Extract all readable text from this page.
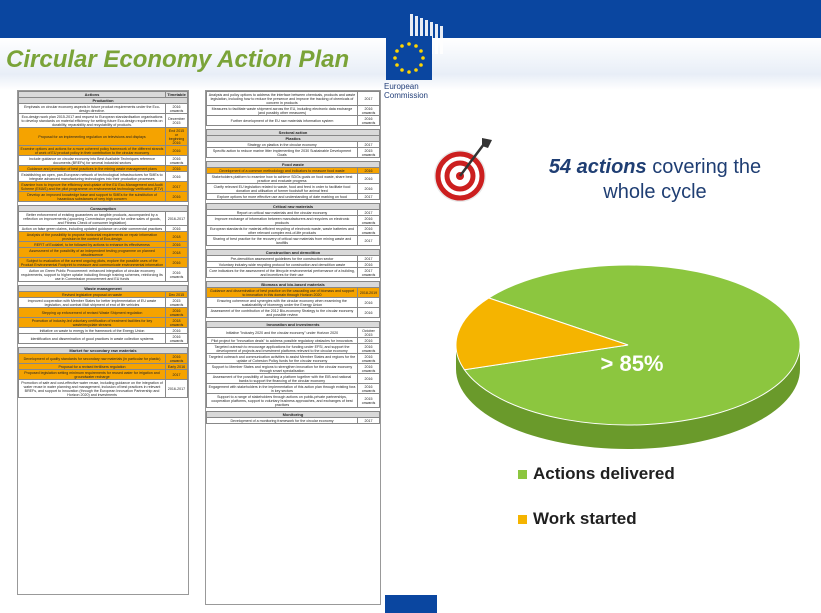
European
Commission
Circular Economy Action Plan
Actions	Timetable
Production	
Emphasis on circular economy aspects in future product requirements under the Eco-design directive.	2016 onwards
Eco-design work plan 2015-2017 and request to European standardisation organisations to develop standards on material efficiency for setting future Eco-design requirements on durability, reparability and recyclability of products.	December 2015
Proposal for an implementing regulation on televisions and displays	End 2015 or beginning 2016
Examine options and actions for a more coherent policy framework of the different strands of work of EU product policy in their contribution to the circular economy	2016
Include guidance on circular economy into Best Available Techniques reference documents (BREFs) for several industrial sectors	2016 onwards
Guidance and promotion of best practices in the mining waste management plans	2016
Establishing an open, pan-European network of technological infrastructures for SMEs to integrate advanced manufacturing technologies into their production processes	2016
Examine how to improve the efficiency and uptake of the EU Eco-Management and Audit Scheme (EMAS) and the pilot programme on environmental technology verification (ETV)	2017
Develop an improved knowledge base and support to SMEs for the substitution of hazardous substances of very high concern	2016

Consumption	
Better enforcement of existing guarantees on tangible products, accompanied by a reflection on improvements (upcoming Commission proposal for online sales of goods, and Fitness Check of consumer legislation)	2016-2017
Action on false green claims, including updated guidance on unfair commercial practices	2016
Analysis of the possibility to propose horizontal requirements on repair information provision in the context of Eco-design	2018
REFIT of Ecolabel, to be followed by actions to enhance its effectiveness	2016
Assessment of the possibility of an independent testing programme on planned obsolescence	2018
Subject to evaluation of the current ongoing pilots, explore the possible uses of the Product Environmental Footprint to measure and communicate environmental information	2016
Action on Green Public Procurement: enhanced integration of circular economy requirements, support to higher uptake including through training schemes, reinforcing its use in Commission procurement and EU funds	2016 onwards

Waste management	
Revised legislative proposal on waste	Dec 2015
Improved cooperation with Member States for better implementation of EU waste legislation, and combat illicit shipment of end of life vehicles	2015 onwards
Stepping up enforcement of revised Waste Shipment regulation	2016 onwards
Promotion of industry-led voluntary certification of treatment facilities for key waste/recyclate streams	2018 onwards
Initiative on waste to energy in the framework of the Energy Union	2016
Identification and dissemination of good practices in waste collection systems	2016 onwards

Market for secondary raw materials	
Development of quality standards for secondary raw materials (in particular for plastic)	2016 onwards
Proposal for a revised fertilisers regulation	Early 2016
Proposed legislation setting minimum requirements for reused water for irrigation and groundwater recharge	2017
Promotion of safe and cost-effective water reuse, including guidance on the integration of water reuse in water planning and management, inclusion of best practices in relevant BREFs, and support to innovation (through the European Innovation Partnership and Horizon 2020) and investments	2016-2017
Analysis and policy options to address the interface between chemicals, products and waste legislation, including how to reduce the presence and improve the tracking of chemicals of concern in products	2017
Measures to facilitate waste shipment across the EU, including electronic data exchange (and possibly other measures)	2016 onwards
Further development of the EU raw materials information system	2016 onwards

Sectoral action	
Plastics	
Strategy on plastics in the circular economy	2017
Specific action to reduce marine litter implementing the 2030 Sustainable Development Goals	2015 onwards

Food waste	
Development of a common methodology and indicators to measure food waste	2016
Stakeholders platform to examine how to achieve SDGs goals on food waste, share best practice and evaluate progress	2016
Clarify relevant EU legislation related to waste, food and feed in order to facilitate food donation and utilisation of former foodstuff for animal feed	2016
Explore options for more effective use and understanding of date marking on food	2017

Critical raw materials	
Report on critical raw materials and the circular economy	2017
Improve exchange of information between manufacturers and recyclers on electronic products	2016 onwards
European standards for material-efficient recycling of electronic waste, waste batteries and other relevant complex end-of-life products	2016 onwards
Sharing of best practice for the recovery of critical raw materials from mining waste and landfills	2017

Construction and demolition	
Pre-demolition assessment guidelines for the construction sector	2017
Voluntary industry-wide recycling protocol for construction and demolition waste	2016
Core indicators for the assessment of the lifecycle environmental performance of a building, and incentives for their use	2017 onwards

Biomass and bio-based materials	
Guidance and dissemination of best practice on the cascading use of biomass and support to innovation in this domain through Horizon 2020	2018-2019
Ensuring coherence and synergies with the circular economy when examining the sustainability of bioenergy under the Energy Union	2016
Assessment of the contribution of the 2012 Bio-economy Strategy to the circular economy and possible review	2016

Innovation and investments	
Initiative "Industry 2020 and the circular economy" under Horizon 2020	October 2015
Pilot project for "innovation deals" to address possible regulatory obstacles for innovators	2016
Targeted outreach to encourage applications for funding under EFSI, and support the development of projects and investment platforms relevant to the circular economy	2016 onwards
Targeted outreach and communication activities to assist Member States and regions for the uptake of Cohesion Policy funds for the circular economy	2016 onwards
Support to Member States and regions to strengthen innovation for the circular economy through smart specialisation	2016 onwards
Assessment of the possibility of launching a platform together with the EIB and national banks to support the financing of the circular economy	2016
Engagement with stakeholders in the implementation of this action plan through existing fora in key sectors	2016 onwards
Support to a range of stakeholders through actions on public-private partnerships, cooperation platforms, support to voluntary business approaches, and exchanges of best practices	2015 onwards

Monitoring	
Development of a monitoring framework for the circular economy	2017
54 actions covering the
whole cycle
> 85%
Actions delivered
Work started
